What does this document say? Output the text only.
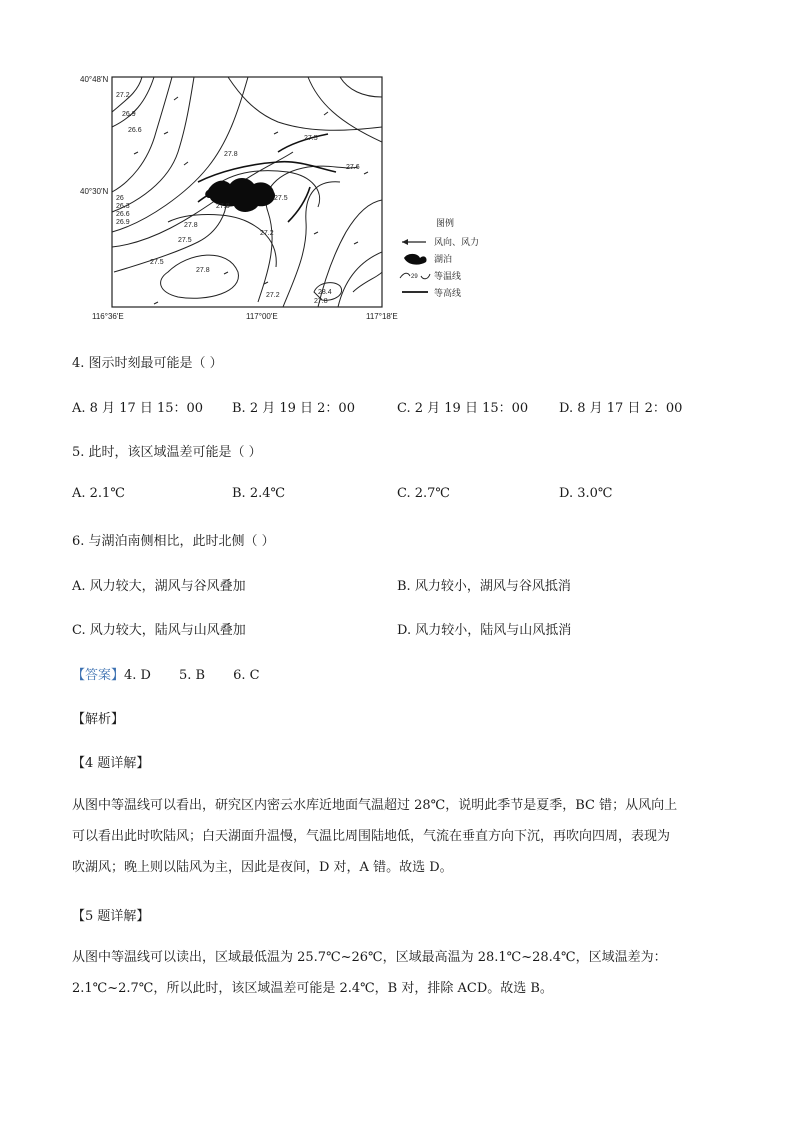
40°48'N
40°30'N
116°36'E	117°00'E	117°18'E
27.2
26.9
26.6
27.5
27.8
27.6
27.5
26
26.3
26.6
26.9
27.8
27.8
27.5
27.2
27.5
27.8
27.2	28.4
27.8
图例
风向、风力
湖泊
29 等温线
等高线
4. 图示时刻最可能是（ ）
A. 8 月 17 日 15：00 B. 2 月 19 日 2：00	C. 2 月 19 日 15：00 D. 8 月 17 日 2：00
5. 此时，该区域温差可能是（ ）
A. 2.1℃	B. 2.4℃	C. 2.7℃	D. 3.0℃
6. 与湖泊南侧相比，此时北侧（ ）
A. 风力较大，湖风与谷风叠加	B. 风力较小，湖风与谷风抵消
C. 风力较大，陆风与山风叠加	D. 风力较小，陆风与山风抵消
【答案】4. D 5. B 6. C
【解析】
【4 题详解】
从图中等温线可以看出，研究区内密云水库近地面气温超过 28℃，说明此季节是夏季，BC 错；从风向上
可以看出此时吹陆风；白天湖面升温慢，气温比周围陆地低，气流在垂直方向下沉，再吹向四周，表现为
吹湖风；晚上则以陆风为主，因此是夜间，D 对，A 错。故选 D。
【5 题详解】
从图中等温线可以读出，区域最低温为 25.7℃~26℃，区域最高温为 28.1℃~28.4℃，区域温差为：
2.1℃~2.7℃，所以此时，该区域温差可能是 2.4℃，B 对，排除 ACD。故选 B。
